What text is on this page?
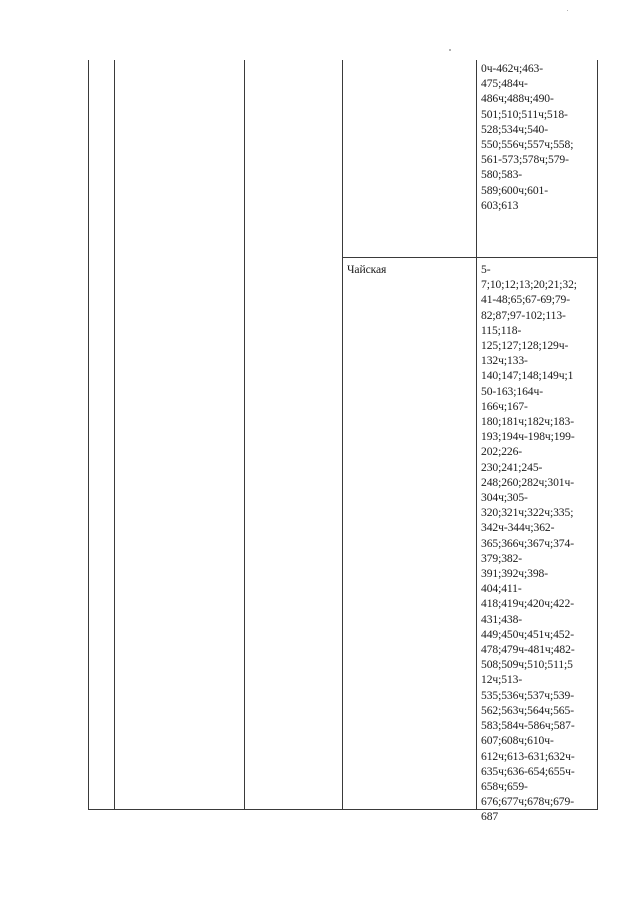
0ч-462ч;463-
475;484ч-
486ч;488ч;490-
501;510;511ч;518-
528;534ч;540-
550;556ч;557ч;558;
561-573;578ч;579-
580;583-
589;600ч;601-
603;613
Чайская	5-
7;10;12;13;20;21;32;
41-48;65;67-69;79-
82;87;97-102;113-
115;118-
125;127;128;129ч-
132ч;133-
140;147;148;149ч;1
50-163;164ч-
166ч;167-
180;181ч;182ч;183-
193;194ч-198ч;199-
202;226-
230;241;245-
248;260;282ч;301ч-
304ч;305-
320;321ч;322ч;335;
342ч-344ч;362-
365;366ч;367ч;374-
379;382-
391;392ч;398-
404;411-
418;419ч;420ч;422-
431;438-
449;450ч;451ч;452-
478;479ч-481ч;482-
508;509ч;510;511;5
12ч;513-
535;536ч;537ч;539-
562;563ч;564ч;565-
583;584ч-586ч;587-
607;608ч;610ч-
612ч;613-631;632ч-
635ч;636-654;655ч-
658ч;659-
676;677ч;678ч;679-
687
